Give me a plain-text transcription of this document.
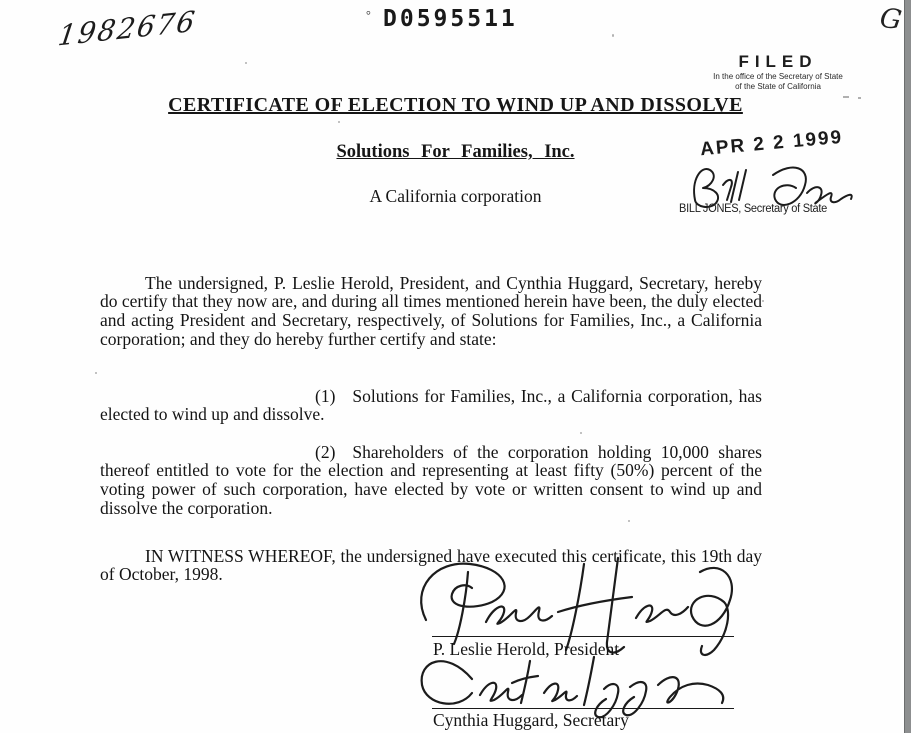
1982676	° D0595511	G
FILED
In the office of the Secretary of State
of the State of California
CERTIFICATE OF ELECTION TO WIND UP AND DISSOLVE
Solutions For Families, Inc.
A California corporation
APR 2 2 1999
BILL JONES, Secretary of State

The undersigned, P. Leslie Herold, President, and Cynthia Huggard, Secretary, hereby do certify that they now are, and during all times mentioned herein have been, the duly elected and acting President and Secretary, respectively, of Solutions for Families, Inc., a California corporation; and they do hereby further certify and state:

(1) Solutions for Families, Inc., a California corporation, has elected to wind up and dissolve.

(2) Shareholders of the corporation holding 10,000 shares thereof entitled to vote for the election and representing at least fifty (50%) percent of the voting power of such corporation, have elected by vote or written consent to wind up and dissolve the corporation.

IN WITNESS WHEREOF, the undersigned have executed this certificate, this 19th day of October, 1998.

P. Leslie Herold, President
Cynthia Huggard, Secretary
